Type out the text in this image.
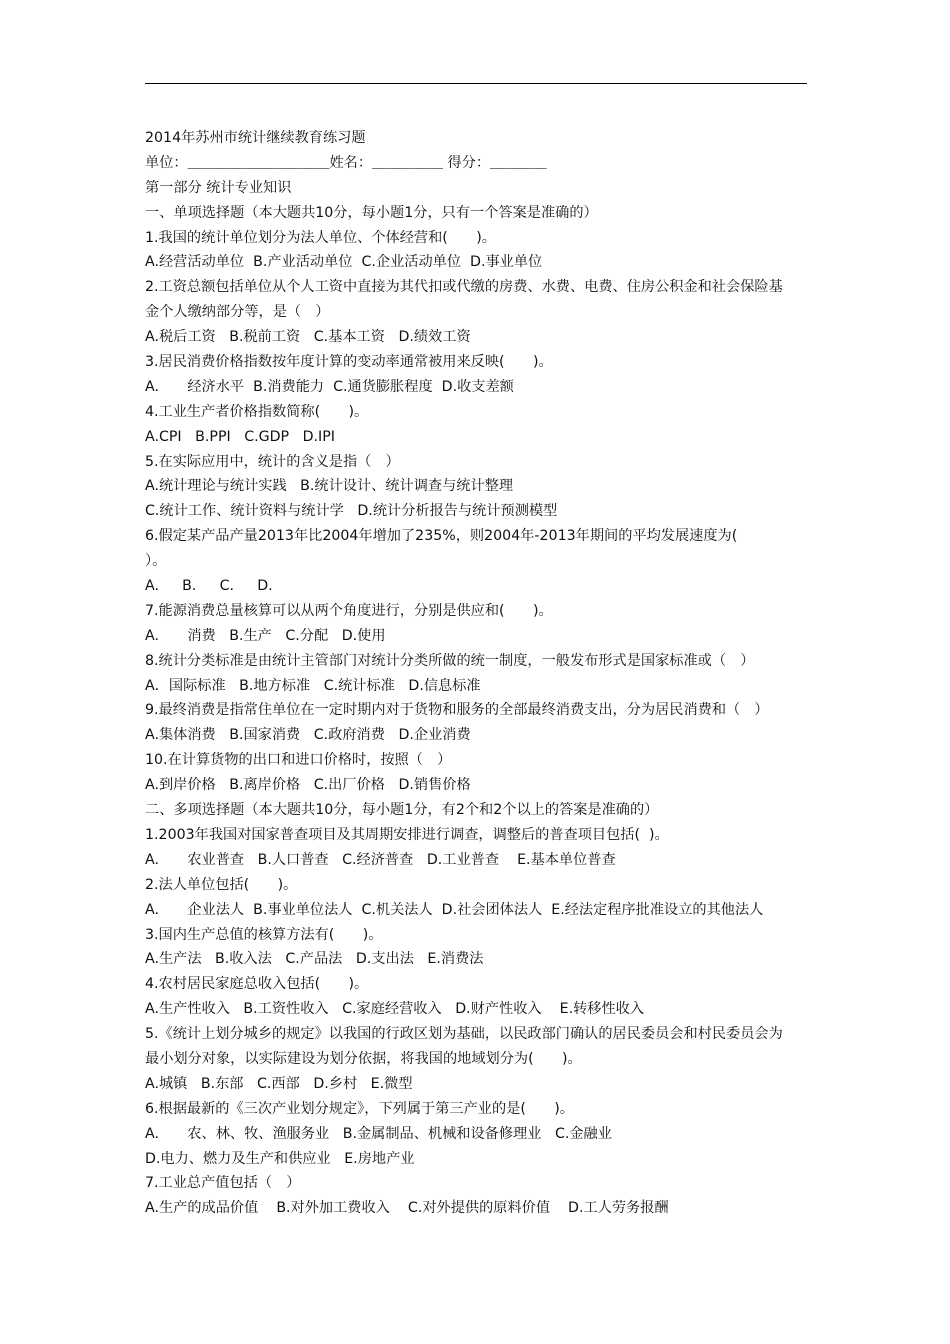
2014年苏州市统计继续教育练习题
单位：＿＿＿＿＿＿＿＿＿＿姓名：＿＿＿＿＿ 得分：＿＿＿＿
第一部分 统计专业知识
一、单项选择题（本大题共10分，每小题1分，只有一个答案是准确的）
1.我国的统计单位划分为法人单位、个体经营和(　　)。
A.经营活动单位  B.产业活动单位  C.企业活动单位  D.事业单位
2.工资总额包括单位从个人工资中直接为其代扣或代缴的房费、水费、电费、住房公积金和社会保险基
金个人缴纳部分等，是（　）
A.税后工资   B.税前工资   C.基本工资   D.绩效工资
3.居民消费价格指数按年度计算的变动率通常被用来反映(　　)。
A.　　经济水平  B.消费能力  C.通货膨胀程度  D.收支差额
4.工业生产者价格指数简称(　　)。
A.CPI   B.PPI   C.GDP   D.IPI
5.在实际应用中，统计的含义是指（　）
A.统计理论与统计实践   B.统计设计、统计调查与统计整理
C.统计工作、统计资料与统计学   D.统计分析报告与统计预测模型
6.假定某产品产量2013年比2004年增加了235%，则2004年-2013年期间的平均发展速度为(
）。
A.　  B.　  C.　  D.
7.能源消费总量核算可以从两个角度进行，分别是供应和(　　)。
A.　　消费   B.生产   C.分配   D.使用
8.统计分类标准是由统计主管部门对统计分类所做的统一制度，一般发布形式是国家标准或（　）
A．国际标准   B.地方标准   C.统计标准   D.信息标准
9.最终消费是指常住单位在一定时期内对于货物和服务的全部最终消费支出，分为居民消费和（　）
A.集体消费   B.国家消费   C.政府消费   D.企业消费
10.在计算货物的出口和进口价格时，按照（　）
A.到岸价格   B.离岸价格   C.出厂价格   D.销售价格
二、多项选择题（本大题共10分，每小题1分，有2个和2个以上的答案是准确的）
1.2003年我国对国家普查项目及其周期安排进行调查，调整后的普查项目包括(  )。
A.　　农业普查   B.人口普查   C.经济普查   D.工业普查    E.基本单位普查
2.法人单位包括(　　)。
A.　　企业法人  B.事业单位法人  C.机关法人  D.社会团体法人  E.经法定程序批准设立的其他法人
3.国内生产总值的核算方法有(　　)。
A.生产法   B.收入法   C.产品法   D.支出法   E.消费法
4.农村居民家庭总收入包括(　　)。
A.生产性收入   B.工资性收入   C.家庭经营收入   D.财产性收入    E.转移性收入
5.《统计上划分城乡的规定》以我国的行政区划为基础，以民政部门确认的居民委员会和村民委员会为
最小划分对象，以实际建设为划分依据，将我国的地域划分为(　　)。
A.城镇   B.东部   C.西部   D.乡村   E.微型
6.根据最新的《三次产业划分规定》，下列属于第三产业的是(　　)。
A.　　农、林、牧、渔服务业   B.金属制品、机械和设备修理业   C.金融业
D.电力、燃力及生产和供应业   E.房地产业
7.工业总产值包括（　）
A.生产的成品价值    B.对外加工费收入    C.对外提供的原料价值    D.工人劳务报酬
